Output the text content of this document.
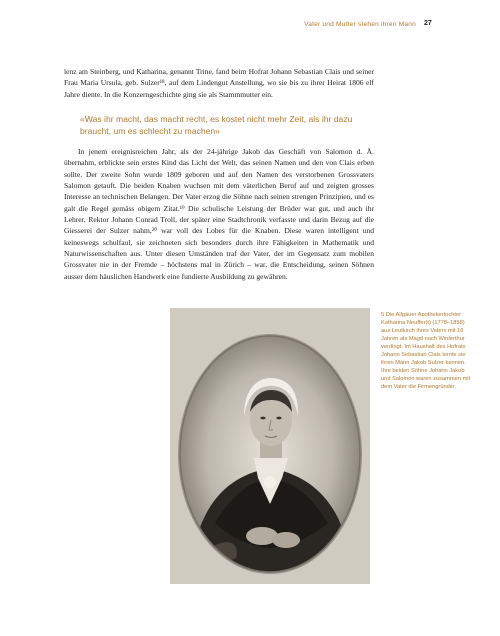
Vater und Mutter stehen ihren Mann 27

lenz am Steinberg, und Katharina, genannt Trine, fand beim Hofrat Johann Sebastian Clais und seiner Frau Maria Ursula, geb. Sulzer¹⁸, auf dem Lindengut Anstellung, wo sie bis zu ihrer Heirat 1806 elf Jahre diente. In die Konzerngeschichte ging sie als Stammmutter ein.

«Was ihr macht, das macht recht, es kostet nicht mehr Zeit, als ihr dazu braucht, um es schlecht zu machen»

In jenem ereignisreichen Jahr, als der 24-jährige Jakob das Geschäft von Salomon d. Ä. übernahm, erblickte sein erstes Kind das Licht der Welt, das seinen Namen und den von Clais erben sollte. Der zweite Sohn wurde 1809 geboren und auf den Namen des verstorbenen Grossvaters Salomon getauft. Die beiden Knaben wuchsen mit dem väterlichen Beruf auf und zeigten grosses Interesse an technischen Belangen. Der Vater erzog die Söhne nach seinen strengen Prinzipien, und es galt die Regel gemäss obigem Zitat.¹⁹ Die schulische Leistung der Brüder war gut, und auch ihr Lehrer, Rektor Johann Conrad Troll, der später eine Stadtchronik verfasste und darin Bezug auf die Giesserei der Sulzer nahm,²⁰ war voll des Lobes für die Knaben. Diese waren intelligent und keineswegs schulfaul, sie zeichneten sich besonders durch ihre Fähigkeiten in Mathematik und Naturwissenschaften aus. Unter diesen Umständen traf der Vater, der im Gegensatz zum mobilen Grossvater nie in der Fremde – höchstens mal in Zürich – war, die Entscheidung, seinen Söhnen ausser dem häuslichen Handwerk eine fundierte Ausbildung zu gewähren.

5 Die Allgäuer Apothekertochter Katharina Neuffer(t) (1778–1858) aus Leutkirch ihres Vaters mit 16 Jahren als Magd nach Winterthur verdingt. Im Haushalt des Hofrats Johann Sebastian Clais lernte sie ihren Mann Jakob Sulzer kennen. Ihre beiden Söhne Johann Jakob und Salomon waren zusammen mit dem Vater die Firmengründer.
